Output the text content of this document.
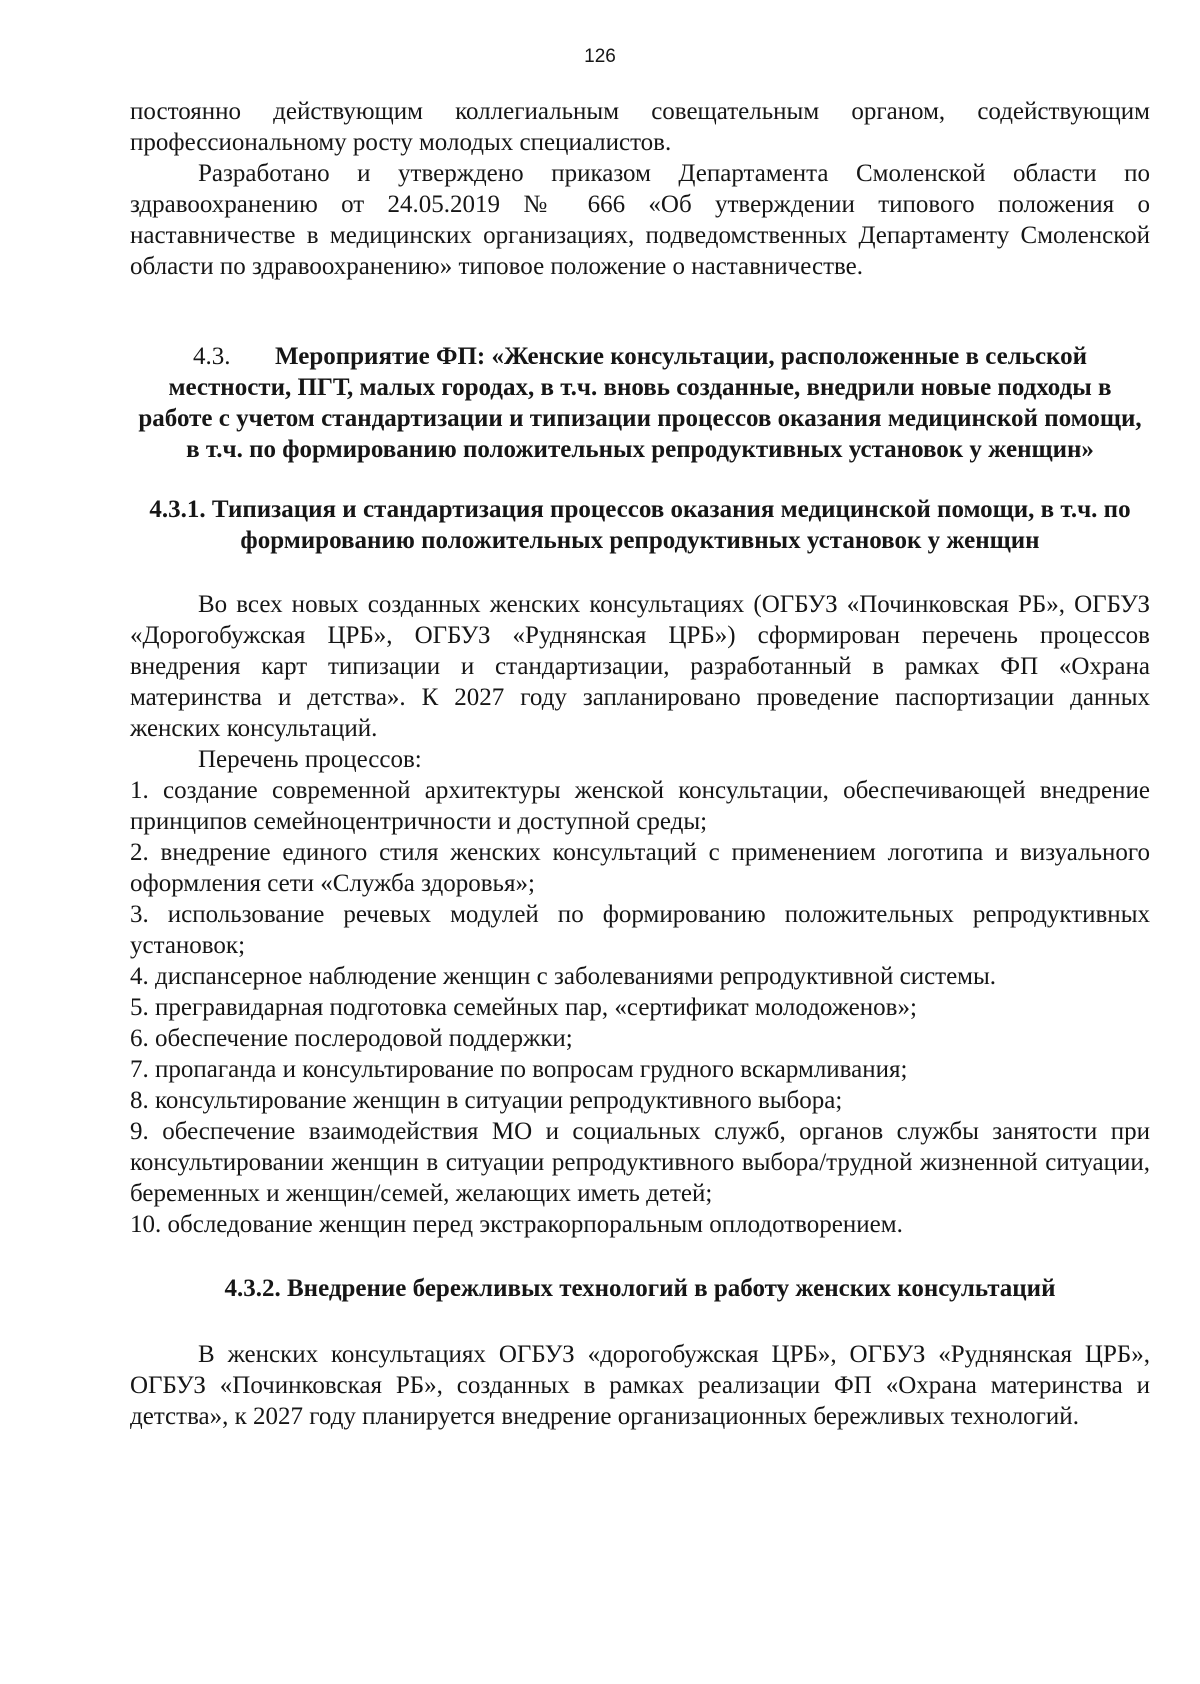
126

постоянно действующим коллегиальным совещательным органом, содействующим профессиональному росту молодых специалистов.

Разработано и утверждено приказом Департамента Смоленской области по здравоохранению от 24.05.2019 № 666 «Об утверждении типового положения о наставничестве в медицинских организациях, подведомственных Департаменту Смоленской области по здравоохранению» типовое положение о наставничестве.

4.3. Мероприятие ФП: «Женские консультации, расположенные в сельской местности, ПГТ, малых городах, в т.ч. вновь созданные, внедрили новые подходы в работе с учетом стандартизации и типизации процессов оказания медицинской помощи, в т.ч. по формированию положительных репродуктивных установок у женщин»

4.3.1. Типизация и стандартизация процессов оказания медицинской помощи, в т.ч. по формированию положительных репродуктивных установок у женщин

Во всех новых созданных женских консультациях (ОГБУЗ «Починковская РБ», ОГБУЗ «Дорогобужская ЦРБ», ОГБУЗ «Руднянская ЦРБ») сформирован перечень процессов внедрения карт типизации и стандартизации, разработанный в рамках ФП «Охрана материнства и детства». К 2027 году запланировано проведение паспортизации данных женских консультаций.

Перечень процессов:

1. создание современной архитектуры женской консультации, обеспечивающей внедрение принципов семейноцентричности и доступной среды;
2. внедрение единого стиля женских консультаций с применением логотипа и визуального оформления сети «Служба здоровья»;
3. использование речевых модулей по формированию положительных репродуктивных установок;
4. диспансерное наблюдение женщин с заболеваниями репродуктивной системы.
5. прегравидарная подготовка семейных пар, «сертификат молодоженов»;
6. обеспечение послеродовой поддержки;
7. пропаганда и консультирование по вопросам грудного вскармливания;
8. консультирование женщин в ситуации репродуктивного выбора;
9. обеспечение взаимодействия МО и социальных служб, органов службы занятости при консультировании женщин в ситуации репродуктивного выбора/трудной жизненной ситуации, беременных и женщин/семей, желающих иметь детей;
10. обследование женщин перед экстракорпоральным оплодотворением.

4.3.2. Внедрение бережливых технологий в работу женских консультаций

В женских консультациях ОГБУЗ «дорогобужская ЦРБ», ОГБУЗ «Руднянская ЦРБ», ОГБУЗ «Починковская РБ», созданных в рамках реализации ФП «Охрана материнства и детства», к 2027 году планируется внедрение организационных бережливых технологий.
